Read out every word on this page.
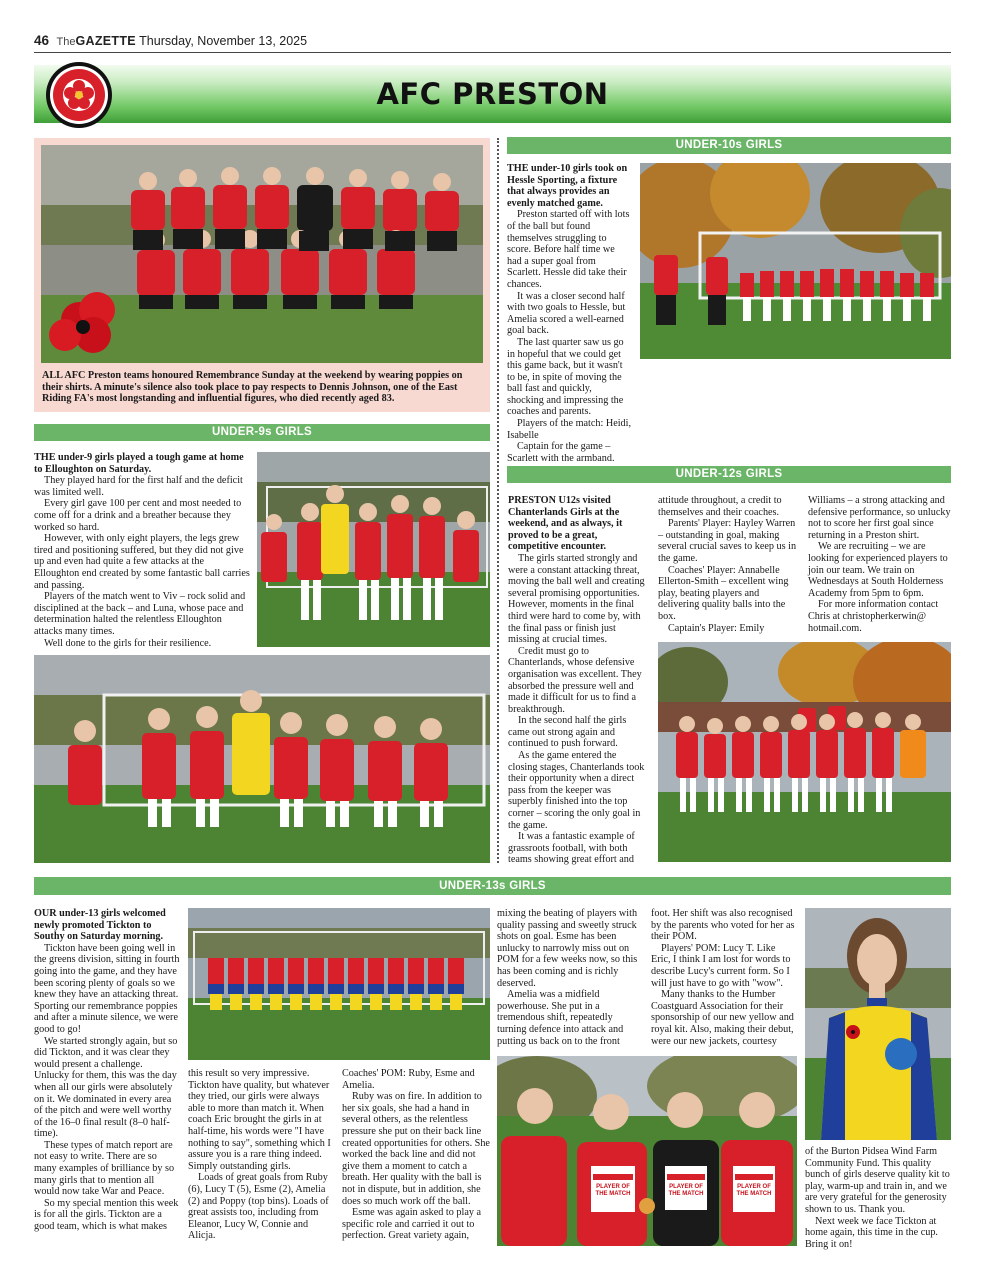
46 TheGAZETTE Thursday, November 13, 2025
AFC PRESTON
ALL AFC Preston teams honoured Remembrance Sunday at the weekend by wearing poppies on their shirts. A minute's silence also took place to pay respects to Dennis Johnson, one of the East Riding FA's most longstanding and influential figures, who died recently aged 83.
UNDER-10s GIRLS

THE under-10 girls took on Hessle Sporting, a fixture that always provides an evenly matched game.

Preston started off with lots of the ball but found themselves struggling to score. Before half time we had a super goal from Scarlett. Hessle did take their chances.

It was a closer second half with two goals to Hessle, but Amelia scored a well-earned goal back.

The last quarter saw us go in hopeful that we could get this game back, but it wasn't to be, in spite of moving the ball fast and quickly, shocking and impressing the coaches and parents.

Players of the match: Heidi, Isabelle

Captain for the game – Scarlett with the armband.

UNDER-9s GIRLS

THE under-9 girls played a tough game at home to Elloughton on Saturday.

They played hard for the first half and the deficit was limited well.

Every girl gave 100 per cent and most needed to come off for a drink and a breather because they worked so hard.

However, with only eight players, the legs grew tired and positioning suffered, but they did not give up and even had quite a few attacks at the Elloughton end created by some fantastic ball carries and passing.

Players of the match went to Viv – rock solid and disciplined at the back – and Luna, whose pace and determination halted the relentless Elloughton attacks many times.

Well done to the girls for their resilience.

UNDER-12s GIRLS

PRESTON U12s visited Chanterlands Girls at the weekend, and as always, it proved to be a great, competitive encounter.

The girls started strongly and were a constant attacking threat, moving the ball well and creating several promising opportunities. However, moments in the final third were hard to come by, with the final pass or finish just missing at crucial times.

Credit must go to Chanterlands, whose defensive organisation was excellent. They absorbed the pressure well and made it difficult for us to find a breakthrough.

In the second half the girls came out strong again and continued to push forward.

As the game entered the closing stages, Chanterlands took their opportunity when a direct pass from the keeper was superbly finished into the top corner – scoring the only goal in the game.

It was a fantastic example of grassroots football, with both teams showing great effort and

attitude throughout, a credit to themselves and their coaches.

Parents' Player: Hayley Warren – outstanding in goal, making several crucial saves to keep us in the game.

Coaches' Player: Annabelle Ellerton-Smith – excellent wing play, beating players and delivering quality balls into the box.

Captain's Player: Emily

Williams – a strong attacking and defensive performance, so unlucky not to score her first goal since returning in a Preston shirt.

We are recruiting – we are looking for experienced players to join our team. We train on Wednesdays at South Holderness Academy from 5pm to 6pm.

For more information contact Chris at christopherkerwin@ hotmail.com.

UNDER-13s GIRLS

OUR under-13 girls welcomed newly promoted Tickton to Southy on Saturday morning.

Tickton have been going well in the greens division, sitting in fourth going into the game, and they have been scoring plenty of goals so we knew they have an attacking threat. Sporting our remembrance poppies and after a minute silence, we were good to go!

We started strongly again, but so did Tickton, and it was clear they would present a challenge. Unlucky for them, this was the day when all our girls were absolutely on it. We dominated in every area of the pitch and were well worthy of the 16–0 final result (8–0 half-time).

These types of match report are not easy to write. There are so many examples of brilliance by so many girls that to mention all would now take War and Peace.

So my special mention this week is for all the girls. Tickton are a good team, which is what makes

this result so very impressive. Tickton have quality, but whatever they tried, our girls were always able to more than match it. When coach Eric brought the girls in at half-time, his words were "I have nothing to say", something which I assure you is a rare thing indeed. Simply outstanding girls.

Loads of great goals from Ruby (6), Lucy T (5), Esme (2), Amelia (2) and Poppy (top bins). Loads of great assists too, including from Eleanor, Lucy W, Connie and Alicja.

Coaches' POM: Ruby, Esme and Amelia.

Ruby was on fire. In addition to her six goals, she had a hand in several others, as the relentless pressure she put on their back line created opportunities for others. She worked the back line and did not give them a moment to catch a breath. Her quality with the ball is not in dispute, but in addition, she does so much work off the ball.

Esme was again asked to play a specific role and carried it out to perfection. Great variety again,

mixing the beating of players with quality passing and sweetly struck shots on goal. Esme has been unlucky to narrowly miss out on POM for a few weeks now, so this has been coming and is richly deserved.

Amelia was a midfield powerhouse. She put in a tremendous shift, repeatedly turning defence into attack and putting us back on to the front

foot. Her shift was also recognised by the parents who voted for her as their POM.

Players' POM: Lucy T. Like Eric, I think I am lost for words to describe Lucy's current form. So I will just have to go with "wow".

Many thanks to the Humber Coastguard Association for their sponsorship of our new yellow and royal kit. Also, making their debut, were our new jackets, courtesy

PLAYER OF THE MATCH
PLAYER OF THE MATCH
PLAYER OF THE MATCH

of the Burton Pidsea Wind Farm Community Fund. This quality bunch of girls deserve quality kit to play, warm-up and train in, and we are very grateful for the generosity shown to us. Thank you.

Next week we face Tickton at home again, this time in the cup. Bring it on!
